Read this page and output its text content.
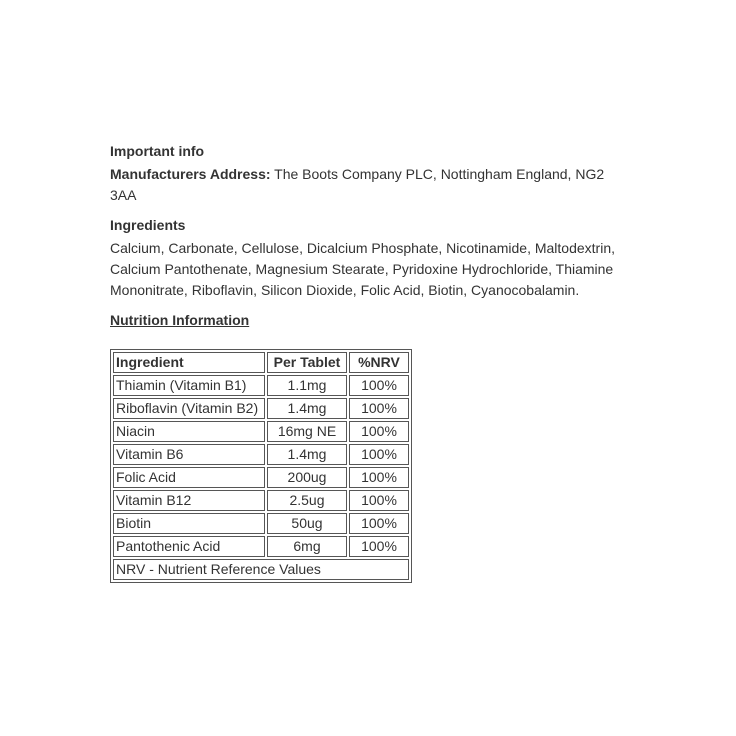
Important info

Manufacturers Address: The Boots Company PLC, Nottingham England, NG2 3AA

Ingredients

Calcium, Carbonate, Cellulose, Dicalcium Phosphate, Nicotinamide, Maltodextrin, Calcium Pantothenate, Magnesium Stearate, Pyridoxine Hydrochloride, Thiamine Mononitrate, Riboflavin, Silicon Dioxide, Folic Acid, Biotin, Cyanocobalamin.

Nutrition Information

Ingredient	Per Tablet	%NRV
Thiamin (Vitamin B1)	1.1mg	100%
Riboflavin (Vitamin B2)	1.4mg	100%
Niacin	16mg NE	100%
Vitamin B6	1.4mg	100%
Folic Acid	200ug	100%
Vitamin B12	2.5ug	100%
Biotin	50ug	100%
Pantothenic Acid	6mg	100%
NRV - Nutrient Reference Values		
